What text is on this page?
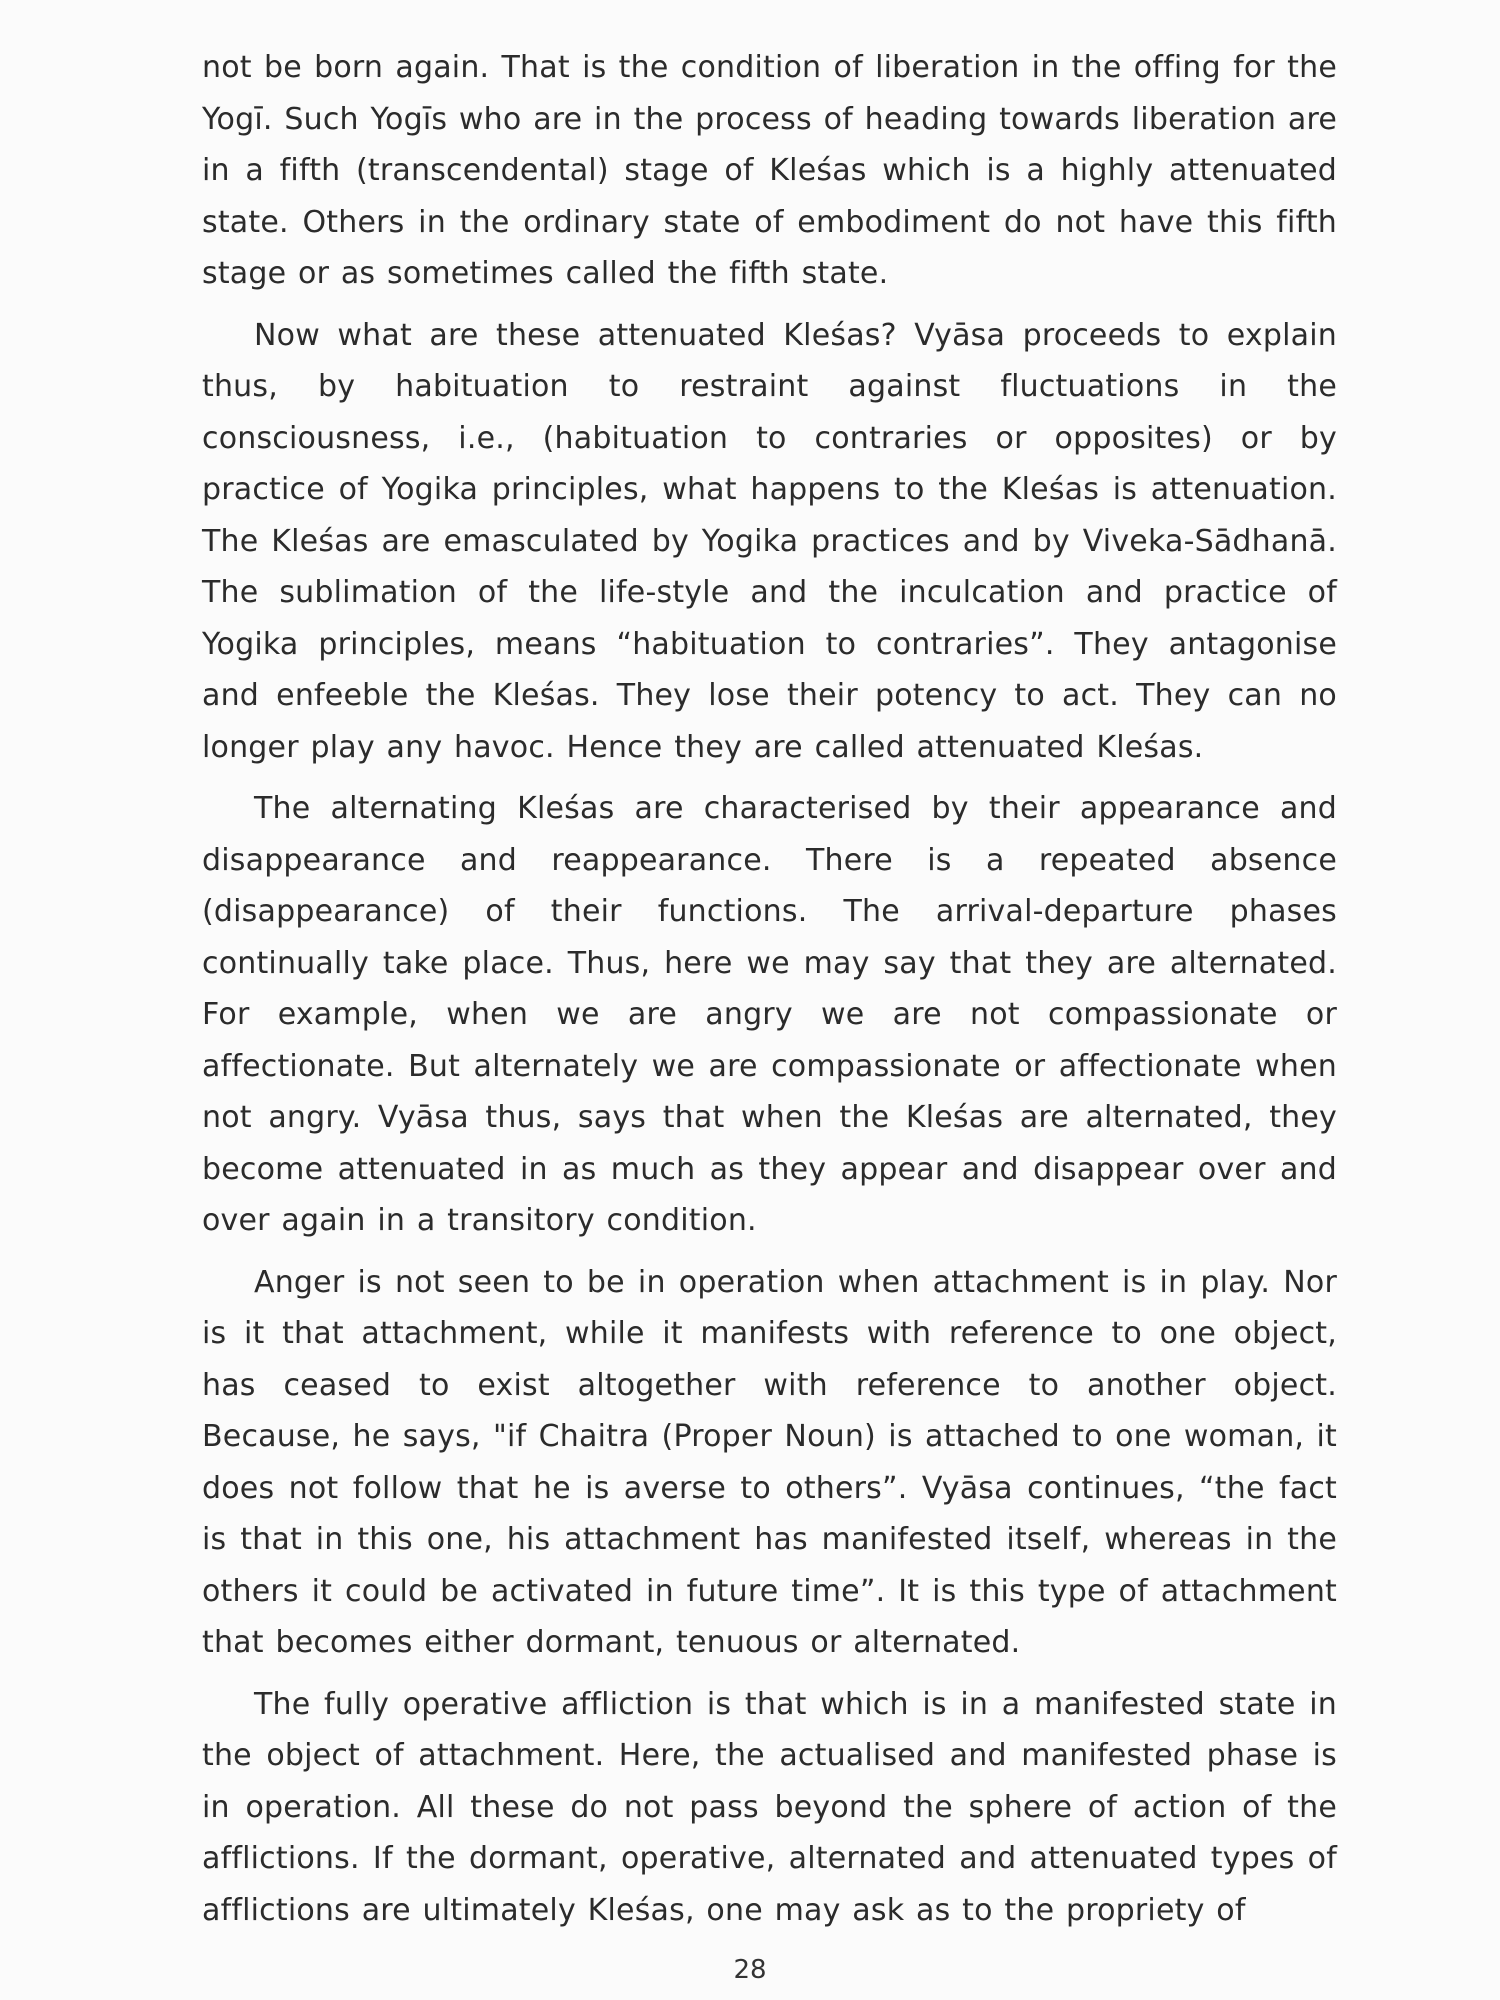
not be born again. That is the condition of liberation in the offing for the Yogī. Such Yogīs who are in the process of heading towards liberation are in a fifth (transcendental) stage of Kleśas which is a highly attenuated state. Others in the ordinary state of embodiment do not have this fifth stage or as sometimes called the fifth state.

Now what are these attenuated Kleśas? Vyāsa proceeds to explain thus, by habituation to restraint against fluctuations in the consciousness, i.e., (habituation to contraries or opposites) or by practice of Yogika principles, what happens to the Kleśas is attenuation. The Kleśas are emasculated by Yogika practices and by Viveka-Sādhanā. The sublimation of the life-style and the inculcation and practice of Yogika principles, means “habituation to contraries”. They antagonise and enfeeble the Kleśas. They lose their potency to act. They can no longer play any havoc. Hence they are called attenuated Kleśas.

The alternating Kleśas are characterised by their appearance and disappearance and reappearance. There is a repeated absence (disappearance) of their functions. The arrival-departure phases continually take place. Thus, here we may say that they are alternated. For example, when we are angry we are not compassionate or affectionate. But alternately we are compassionate or affectionate when not angry. Vyāsa thus, says that when the Kleśas are alternated, they become attenuated in as much as they appear and disappear over and over again in a transitory condition.

Anger is not seen to be in operation when attachment is in play. Nor is it that attachment, while it manifests with reference to one object, has ceased to exist altogether with reference to another object. Because, he says, "if Chaitra (Proper Noun) is attached to one woman, it does not follow that he is averse to others”. Vyāsa continues, “the fact is that in this one, his attachment has manifested itself, whereas in the others it could be activated in future time”. It is this type of attachment that becomes either dormant, tenuous or alternated.

The fully operative affliction is that which is in a manifested state in the object of attachment. Here, the actualised and manifested phase is in operation. All these do not pass beyond the sphere of action of the afflictions. If the dormant, operative, alternated and attenuated types of afflictions are ultimately Kleśas, one may ask as to the propriety of

28
